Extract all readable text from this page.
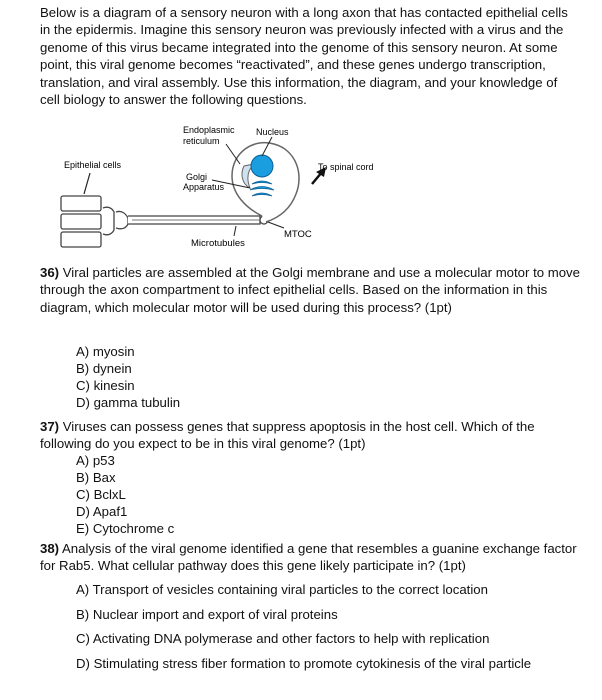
Below is a diagram of a sensory neuron with a long axon that has contacted epithelial cells in the epidermis. Imagine this sensory neuron was previously infected with a virus and the genome of this virus became integrated into the genome of this sensory neuron. At some point, this viral genome becomes “reactivated”, and these genes undergo transcription, translation, and viral assembly. Use this information, the diagram, and your knowledge of cell biology to answer the following questions.
Endoplasmic
reticulum
Nucleus
Epithelial cells
Golgi
Apparatus
To spinal cord
MTOC
Microtubules
36) Viral particles are assembled at the Golgi membrane and use a molecular motor to move through the axon compartment to infect epithelial cells. Based on the information in this diagram, which molecular motor will be used during this process? (1pt)
A) myosin
B) dynein
C) kinesin
D) gamma tubulin
37) Viruses can possess genes that suppress apoptosis in the host cell. Which of the following do you expect to be in this viral genome? (1pt)
A) p53
B) Bax
C) BclxL
D) Apaf1
E) Cytochrome c
38) Analysis of the viral genome identified a gene that resembles a guanine exchange factor for Rab5. What cellular pathway does this gene likely participate in? (1pt)
A) Transport of vesicles containing viral particles to the correct location
B) Nuclear import and export of viral proteins
C) Activating DNA polymerase and other factors to help with replication
D) Stimulating stress fiber formation to promote cytokinesis of the viral particle
